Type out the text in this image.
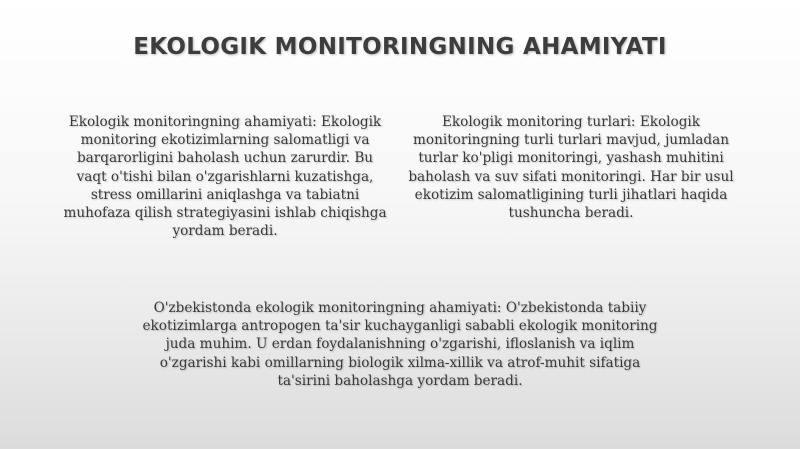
EKOLOGIK MONITORINGNING AHAMIYATI

Ekologik monitoringning ahamiyati: Ekologik monitoring ekotizimlarning salomatligi va barqarorligini baholash uchun zarurdir. Bu vaqt o'tishi bilan o'zgarishlarni kuzatishga, stress omillarini aniqlashga va tabiatni muhofaza qilish strategiyasini ishlab chiqishga yordam beradi.

Ekologik monitoring turlari: Ekologik monitoringning turli turlari mavjud, jumladan turlar ko'pligi monitoringi, yashash muhitini baholash va suv sifati monitoringi. Har bir usul ekotizim salomatligining turli jihatlari haqida tushuncha beradi.

O'zbekistonda ekologik monitoringning ahamiyati: O'zbekistonda tabiiy ekotizimlarga antropogen ta'sir kuchayganligi sababli ekologik monitoring juda muhim. U erdan foydalanishning o'zgarishi, ifloslanish va iqlim o'zgarishi kabi omillarning biologik xilma-xillik va atrof-muhit sifatiga ta'sirini baholashga yordam beradi.
